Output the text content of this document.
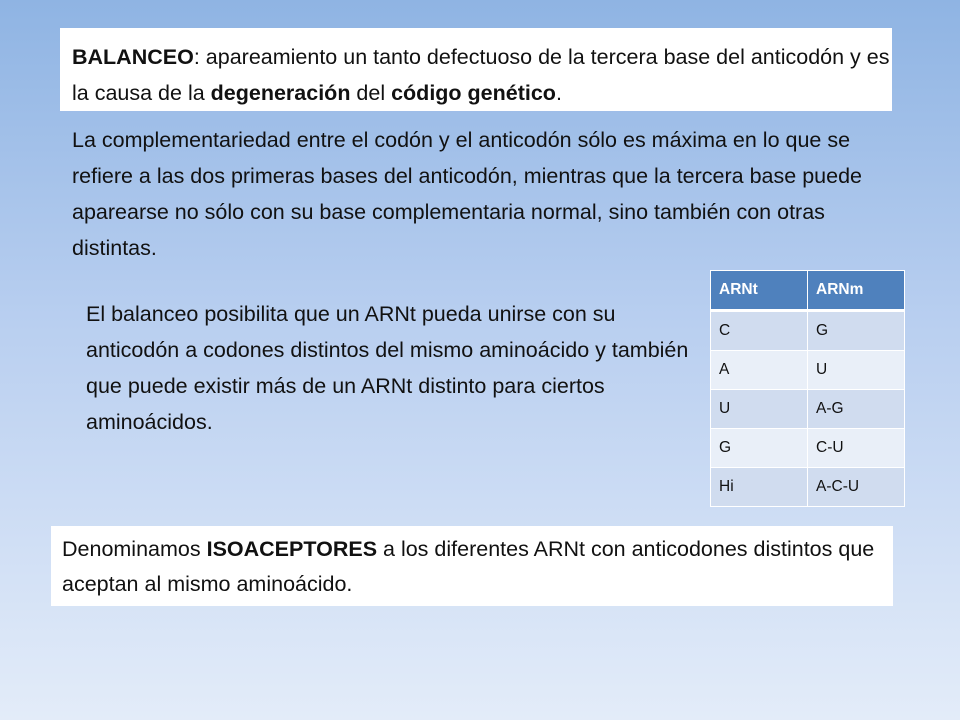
BALANCEO: apareamiento un tanto defectuoso de la tercera base del anticodón y es la causa de la degeneración del código genético.

La complementariedad entre el codón y el anticodón sólo es máxima en lo que se refiere a las dos primeras bases del anticodón, mientras que la tercera base puede aparearse no sólo con su base complementaria normal, sino también con otras distintas.

El balanceo posibilita que un ARNt pueda unirse con su anticodón a codones distintos del mismo aminoácido y también que puede existir más de un ARNt distinto para ciertos aminoácidos.

ARNt	ARNm
C	G
A	U
U	A-G
G	C-U
Hi	A-C-U

Denominamos ISOACEPTORES a los diferentes ARNt con anticodones distintos que aceptan al mismo aminoácido.
